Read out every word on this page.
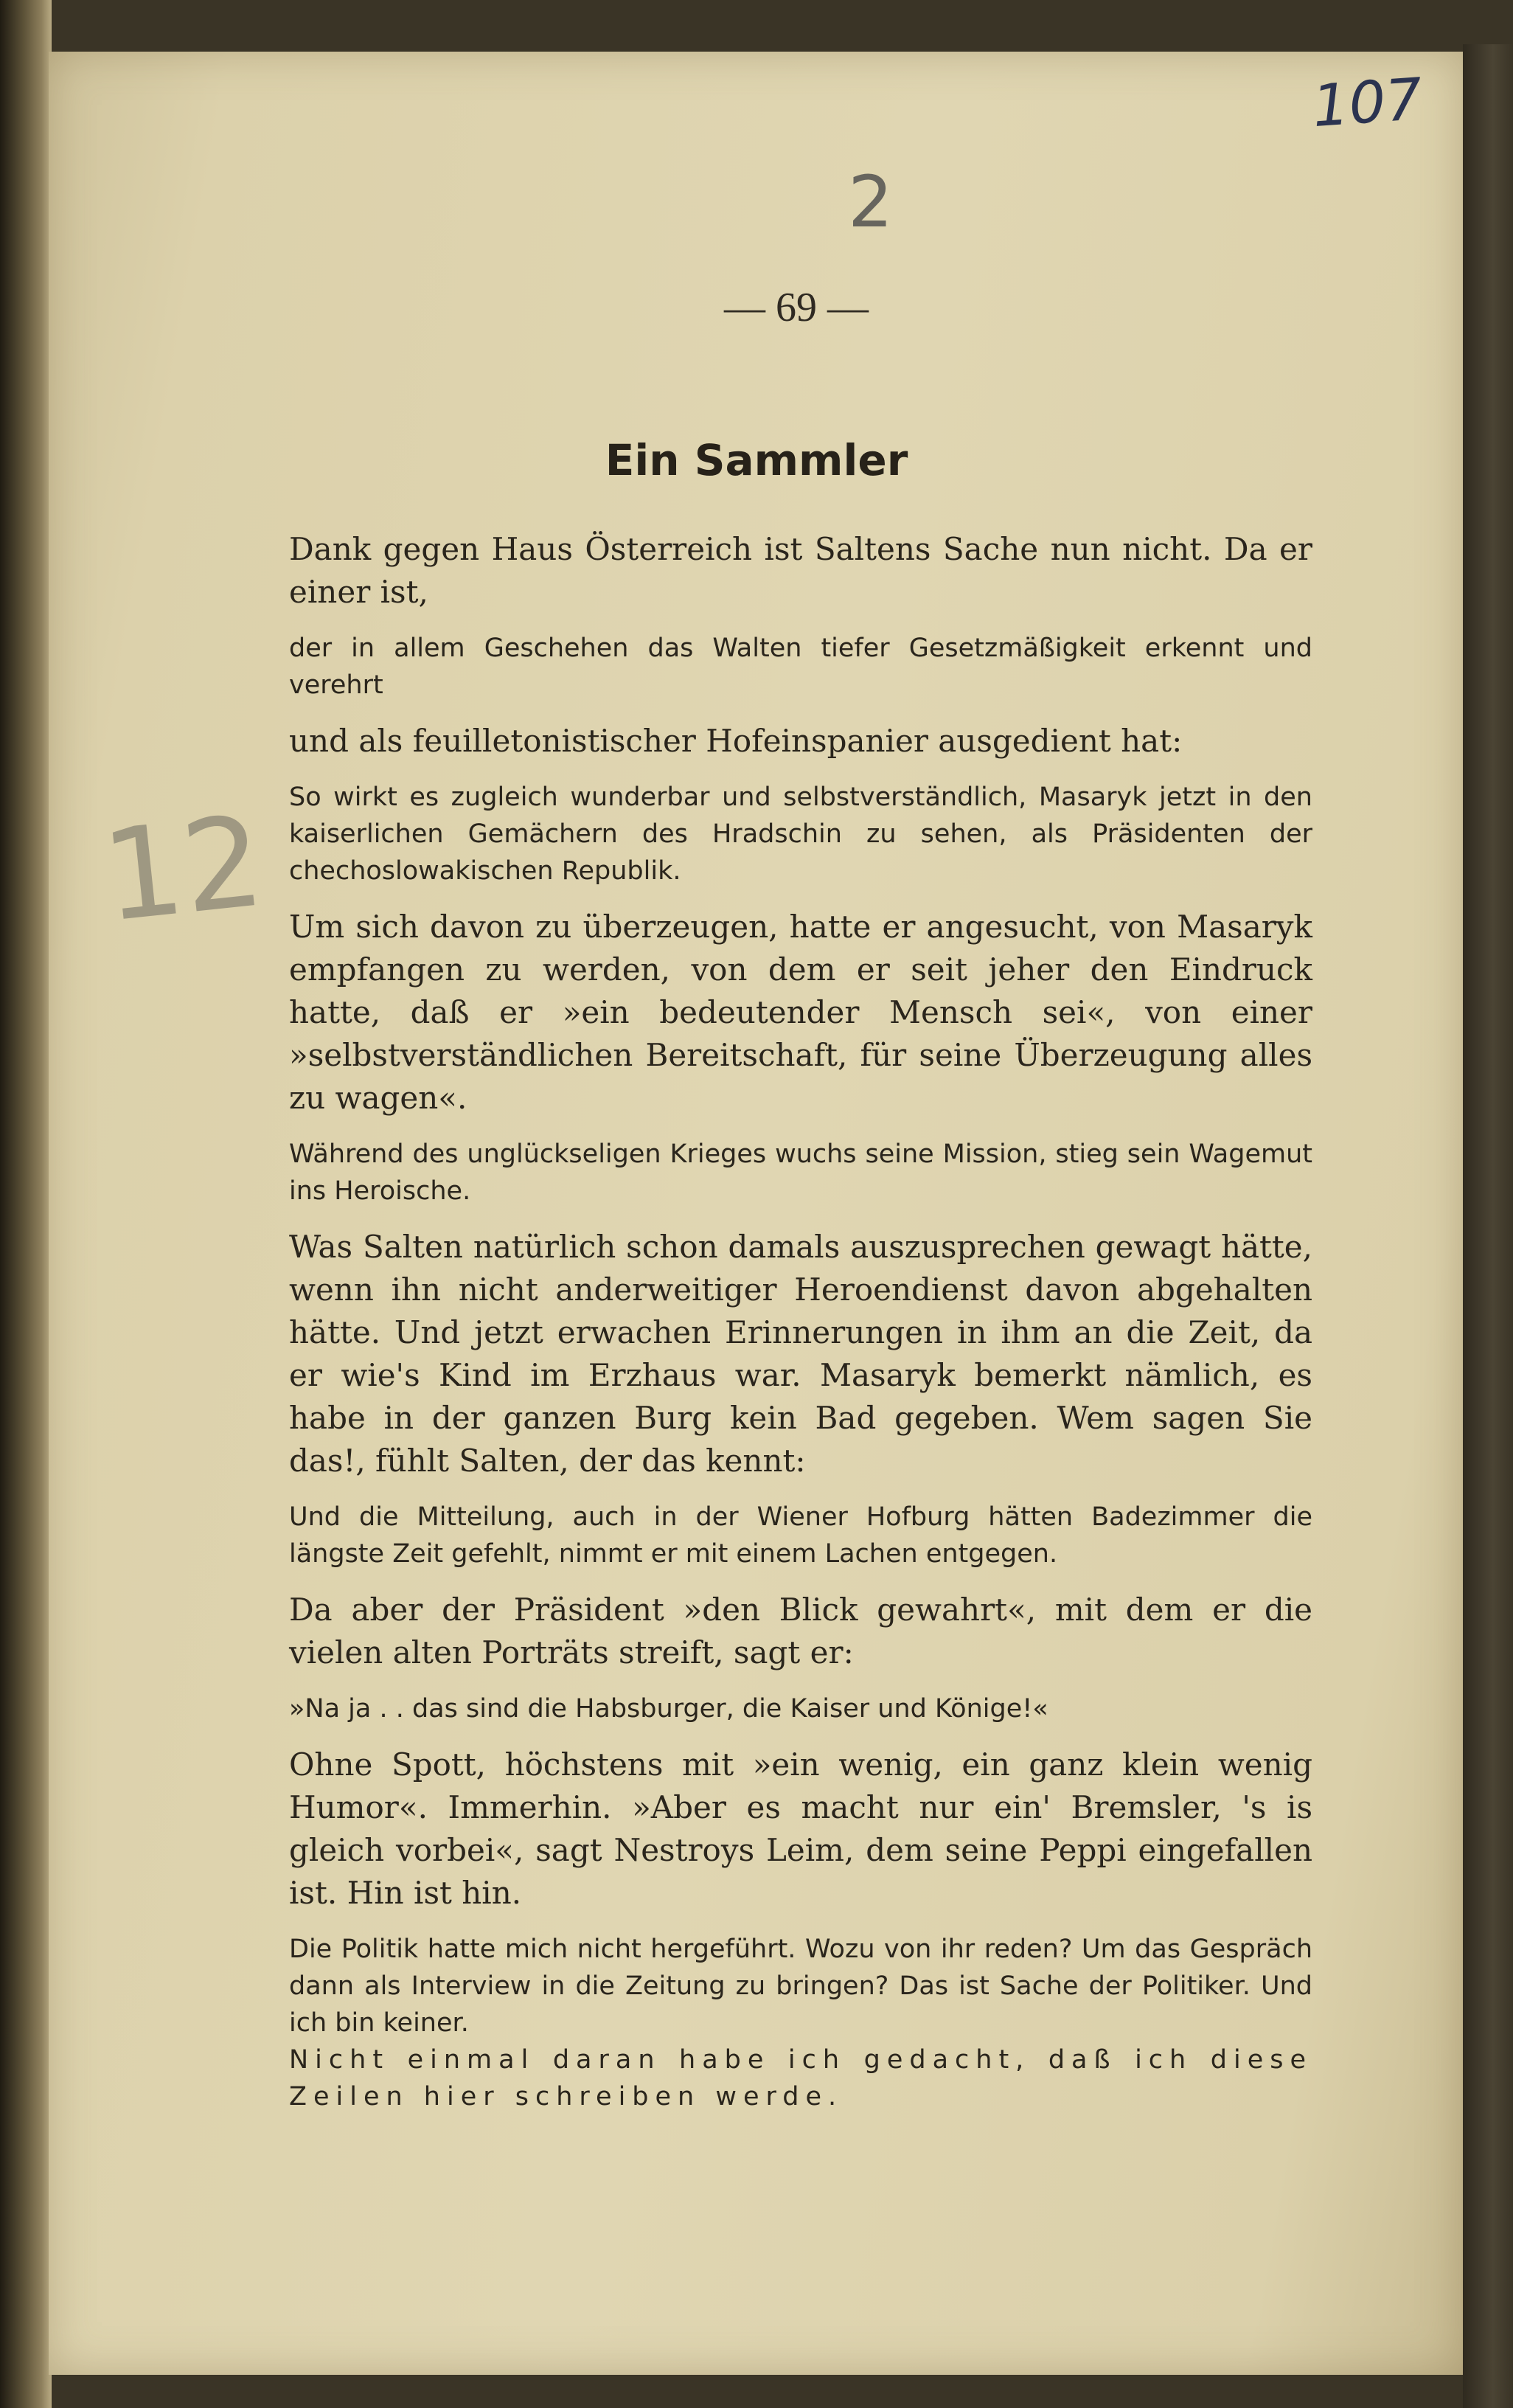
107
2
12
— 69 —
Ein Sammler

Dank gegen Haus Österreich ist Saltens Sache nun nicht. Da er einer ist,

der in allem Geschehen das Walten tiefer Gesetzmäßigkeit erkennt und verehrt

und als feuilletonistischer Hofeinspanier ausgedient hat:

So wirkt es zugleich wunderbar und selbstverständlich, Masaryk jetzt in den kaiserlichen Gemächern des Hradschin zu sehen, als Präsidenten der chechoslowakischen Republik.

Um sich davon zu überzeugen, hatte er angesucht, von Masaryk empfangen zu werden, von dem er seit jeher den Eindruck hatte, daß er »ein bedeutender Mensch sei«, von einer »selbstverständlichen Bereitschaft, für seine Überzeugung alles zu wagen«.

Während des unglückseligen Krieges wuchs seine Mission, stieg sein Wagemut ins Heroische.

Was Salten natürlich schon damals auszusprechen gewagt hätte, wenn ihn nicht anderweitiger Heroendienst davon abgehalten hätte. Und jetzt erwachen Erinnerungen in ihm an die Zeit, da er wie's Kind im Erzhaus war. Masaryk bemerkt nämlich, es habe in der ganzen Burg kein Bad gegeben. Wem sagen Sie das!, fühlt Salten, der das kennt:

Und die Mitteilung, auch in der Wiener Hofburg hätten Badezimmer die längste Zeit gefehlt, nimmt er mit einem Lachen entgegen.

Da aber der Präsident »den Blick gewahrt«, mit dem er die vielen alten Porträts streift, sagt er:

»Na ja . . das sind die Habsburger, die Kaiser und Könige!«

Ohne Spott, höchstens mit »ein wenig, ein ganz klein wenig Humor«. Immerhin. »Aber es macht nur ein' Bremsler, 's is gleich vorbei«, sagt Nestroys Leim, dem seine Peppi eingefallen ist. Hin ist hin.

Die Politik hatte mich nicht hergeführt. Wozu von ihr reden? Um das Gespräch dann als Interview in die Zeitung zu bringen? Das ist Sache der Politiker. Und ich bin keiner.

Nicht einmal daran habe ich gedacht, daß ich diese Zeilen hier schreiben werde.
